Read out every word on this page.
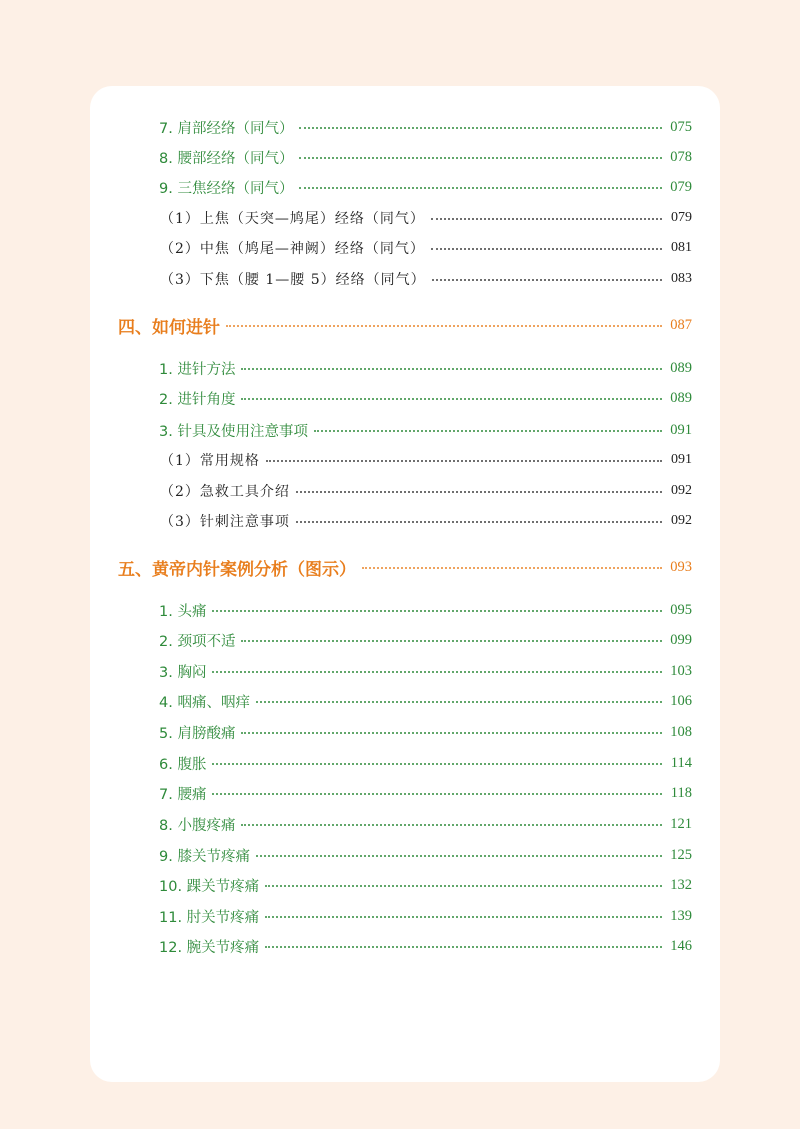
7. 肩部经络（同气）	075
8. 腰部经络（同气）	078
9. 三焦经络（同气）	079
（1）上焦（天突—鸠尾）经络（同气）	079
（2）中焦（鸠尾—神阙）经络（同气）	081
（3）下焦（腰 1—腰 5）经络（同气）	083
四、如何进针	087
1. 进针方法	089
2. 进针角度	089
3. 针具及使用注意事项	091
（1）常用规格	091
（2）急救工具介绍	092
（3）针刺注意事项	092
五、黄帝内针案例分析（图示）	093
1. 头痛	095
2. 颈项不适	099
3. 胸闷	103
4. 咽痛、咽痒	106
5. 肩膀酸痛	108
6. 腹胀	114
7. 腰痛	118
8. 小腹疼痛	121
9. 膝关节疼痛	125
10. 踝关节疼痛	132
11. 肘关节疼痛	139
12. 腕关节疼痛	146
